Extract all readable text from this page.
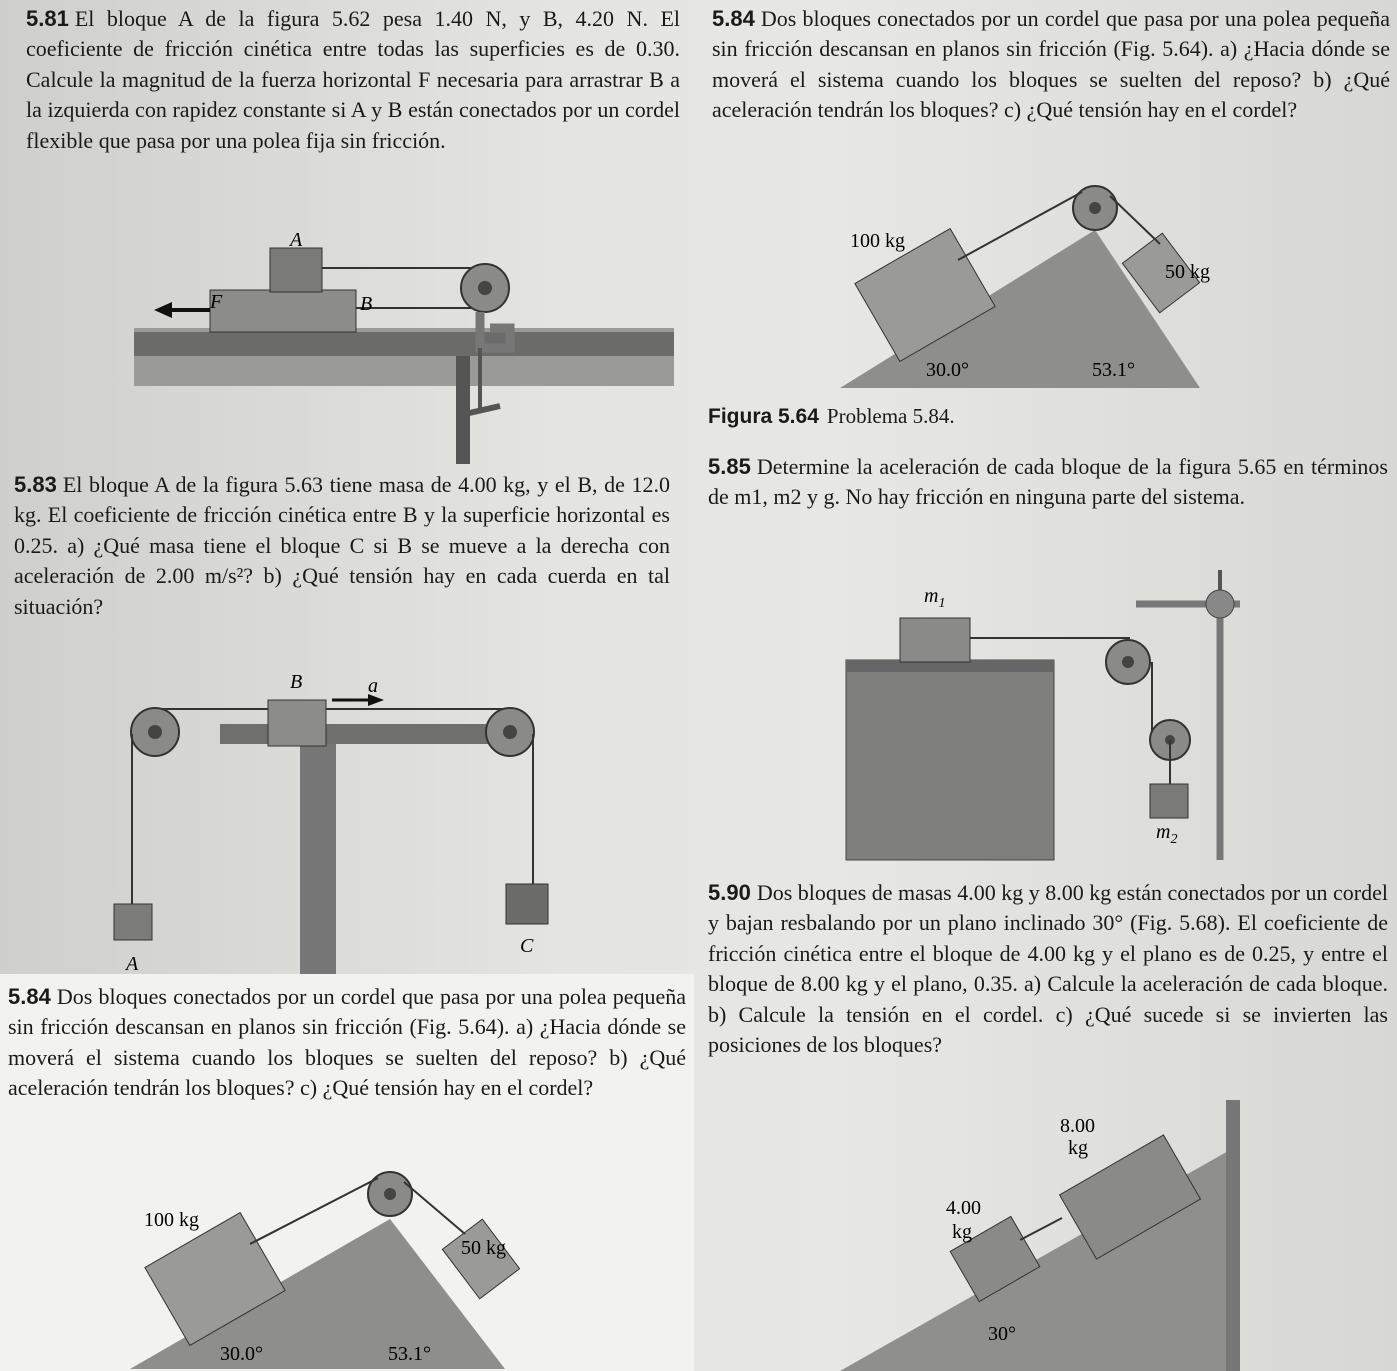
5.81 El bloque A de la figura 5.62 pesa 1.40 N, y B, 4.20 N. El coeficiente de fricción cinética entre todas las superficies es de 0.30. Calcule la magnitud de la fuerza horizontal F necesaria para arrastrar B a la izquierda con rapidez constante si A y B están conectados por un cordel flexible que pasa por una polea fija sin fricción.
F
A
B
5.83 El bloque A de la figura 5.63 tiene masa de 4.00 kg, y el B, de 12.0 kg. El coeficiente de fricción cinética entre B y la superficie horizontal es 0.25. a) ¿Qué masa tiene el bloque C si B se mueve a la derecha con aceleración de 2.00 m/s²? b) ¿Qué tensión hay en cada cuerda en tal situación?
a
B
A
C
5.84 Dos bloques conectados por un cordel que pasa por una polea pequeña sin fricción descansan en planos sin fricción (Fig. 5.64). a) ¿Hacia dónde se moverá el sistema cuando los bloques se suelten del reposo? b) ¿Qué aceleración tendrán los bloques? c) ¿Qué tensión hay en el cordel?
100 kg
50 kg
30.0°	53.1°
5.84 Dos bloques conectados por un cordel que pasa por una polea pequeña sin fricción descansan en planos sin fricción (Fig. 5.64). a) ¿Hacia dónde se moverá el sistema cuando los bloques se suelten del reposo? b) ¿Qué aceleración tendrán los bloques? c) ¿Qué tensión hay en el cordel?
100 kg
50 kg
30.0°	53.1°
Figura 5.64 Problema 5.84.
5.85 Determine la aceleración de cada bloque de la figura 5.65 en términos de m1, m2 y g. No hay fricción en ninguna parte del sistema.
$m_1$
$m_2$
5.90 Dos bloques de masas 4.00 kg y 8.00 kg están conectados por un cordel y bajan resbalando por un plano inclinado 30° (Fig. 5.68). El coeficiente de fricción cinética entre el bloque de 4.00 kg y el plano es de 0.25, y entre el bloque de 8.00 kg y el plano, 0.35. a) Calcule la aceleración de cada bloque. b) Calcule la tensión en el cordel. c) ¿Qué sucede si se invierten las posiciones de los bloques?
4.00
kg
8.00
kg
30°
